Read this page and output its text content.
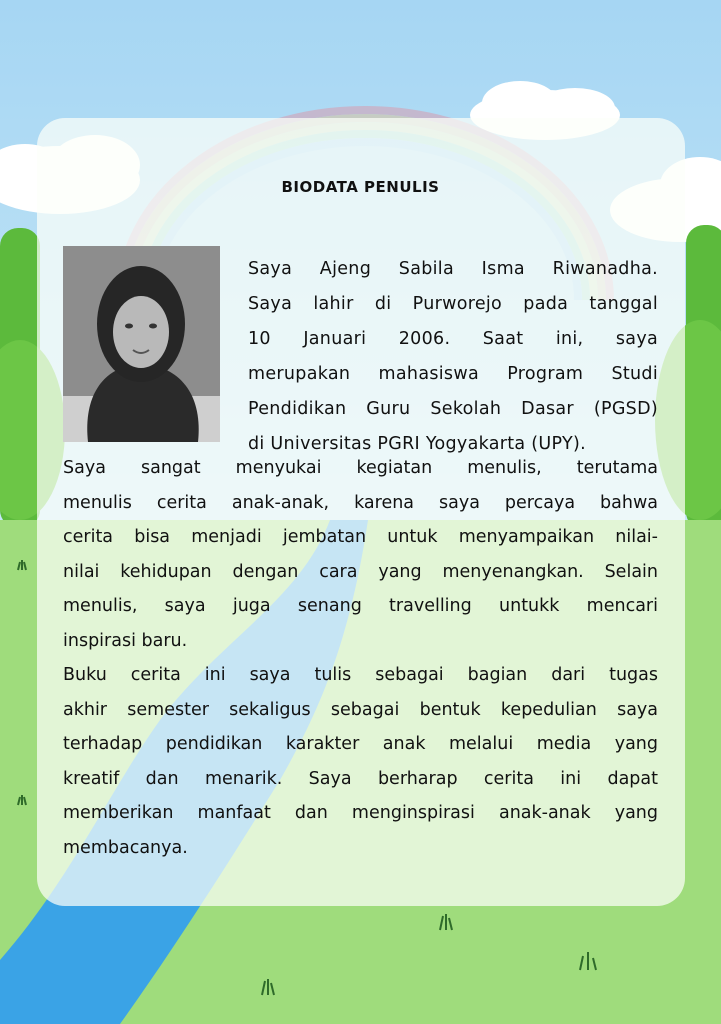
BIODATA PENULIS
Saya Ajeng Sabila Isma Riwanadha.
Saya lahir di Purworejo pada tanggal
10 Januari 2006. Saat ini, saya
merupakan mahasiswa Program Studi
Pendidikan Guru Sekolah Dasar (PGSD)
di Universitas PGRI Yogyakarta (UPY).
Saya sangat menyukai kegiatan menulis, terutama
menulis cerita anak-anak, karena saya percaya bahwa
cerita bisa menjadi jembatan untuk menyampaikan nilai-
nilai kehidupan dengan cara yang menyenangkan. Selain
menulis, saya juga senang travelling untukk mencari
inspirasi baru.
Buku cerita ini saya tulis sebagai bagian dari tugas
akhir semester sekaligus sebagai bentuk kepedulian saya
terhadap pendidikan karakter anak melalui media yang
kreatif dan menarik. Saya berharap cerita ini dapat
memberikan manfaat dan menginspirasi anak-anak yang
membacanya.
